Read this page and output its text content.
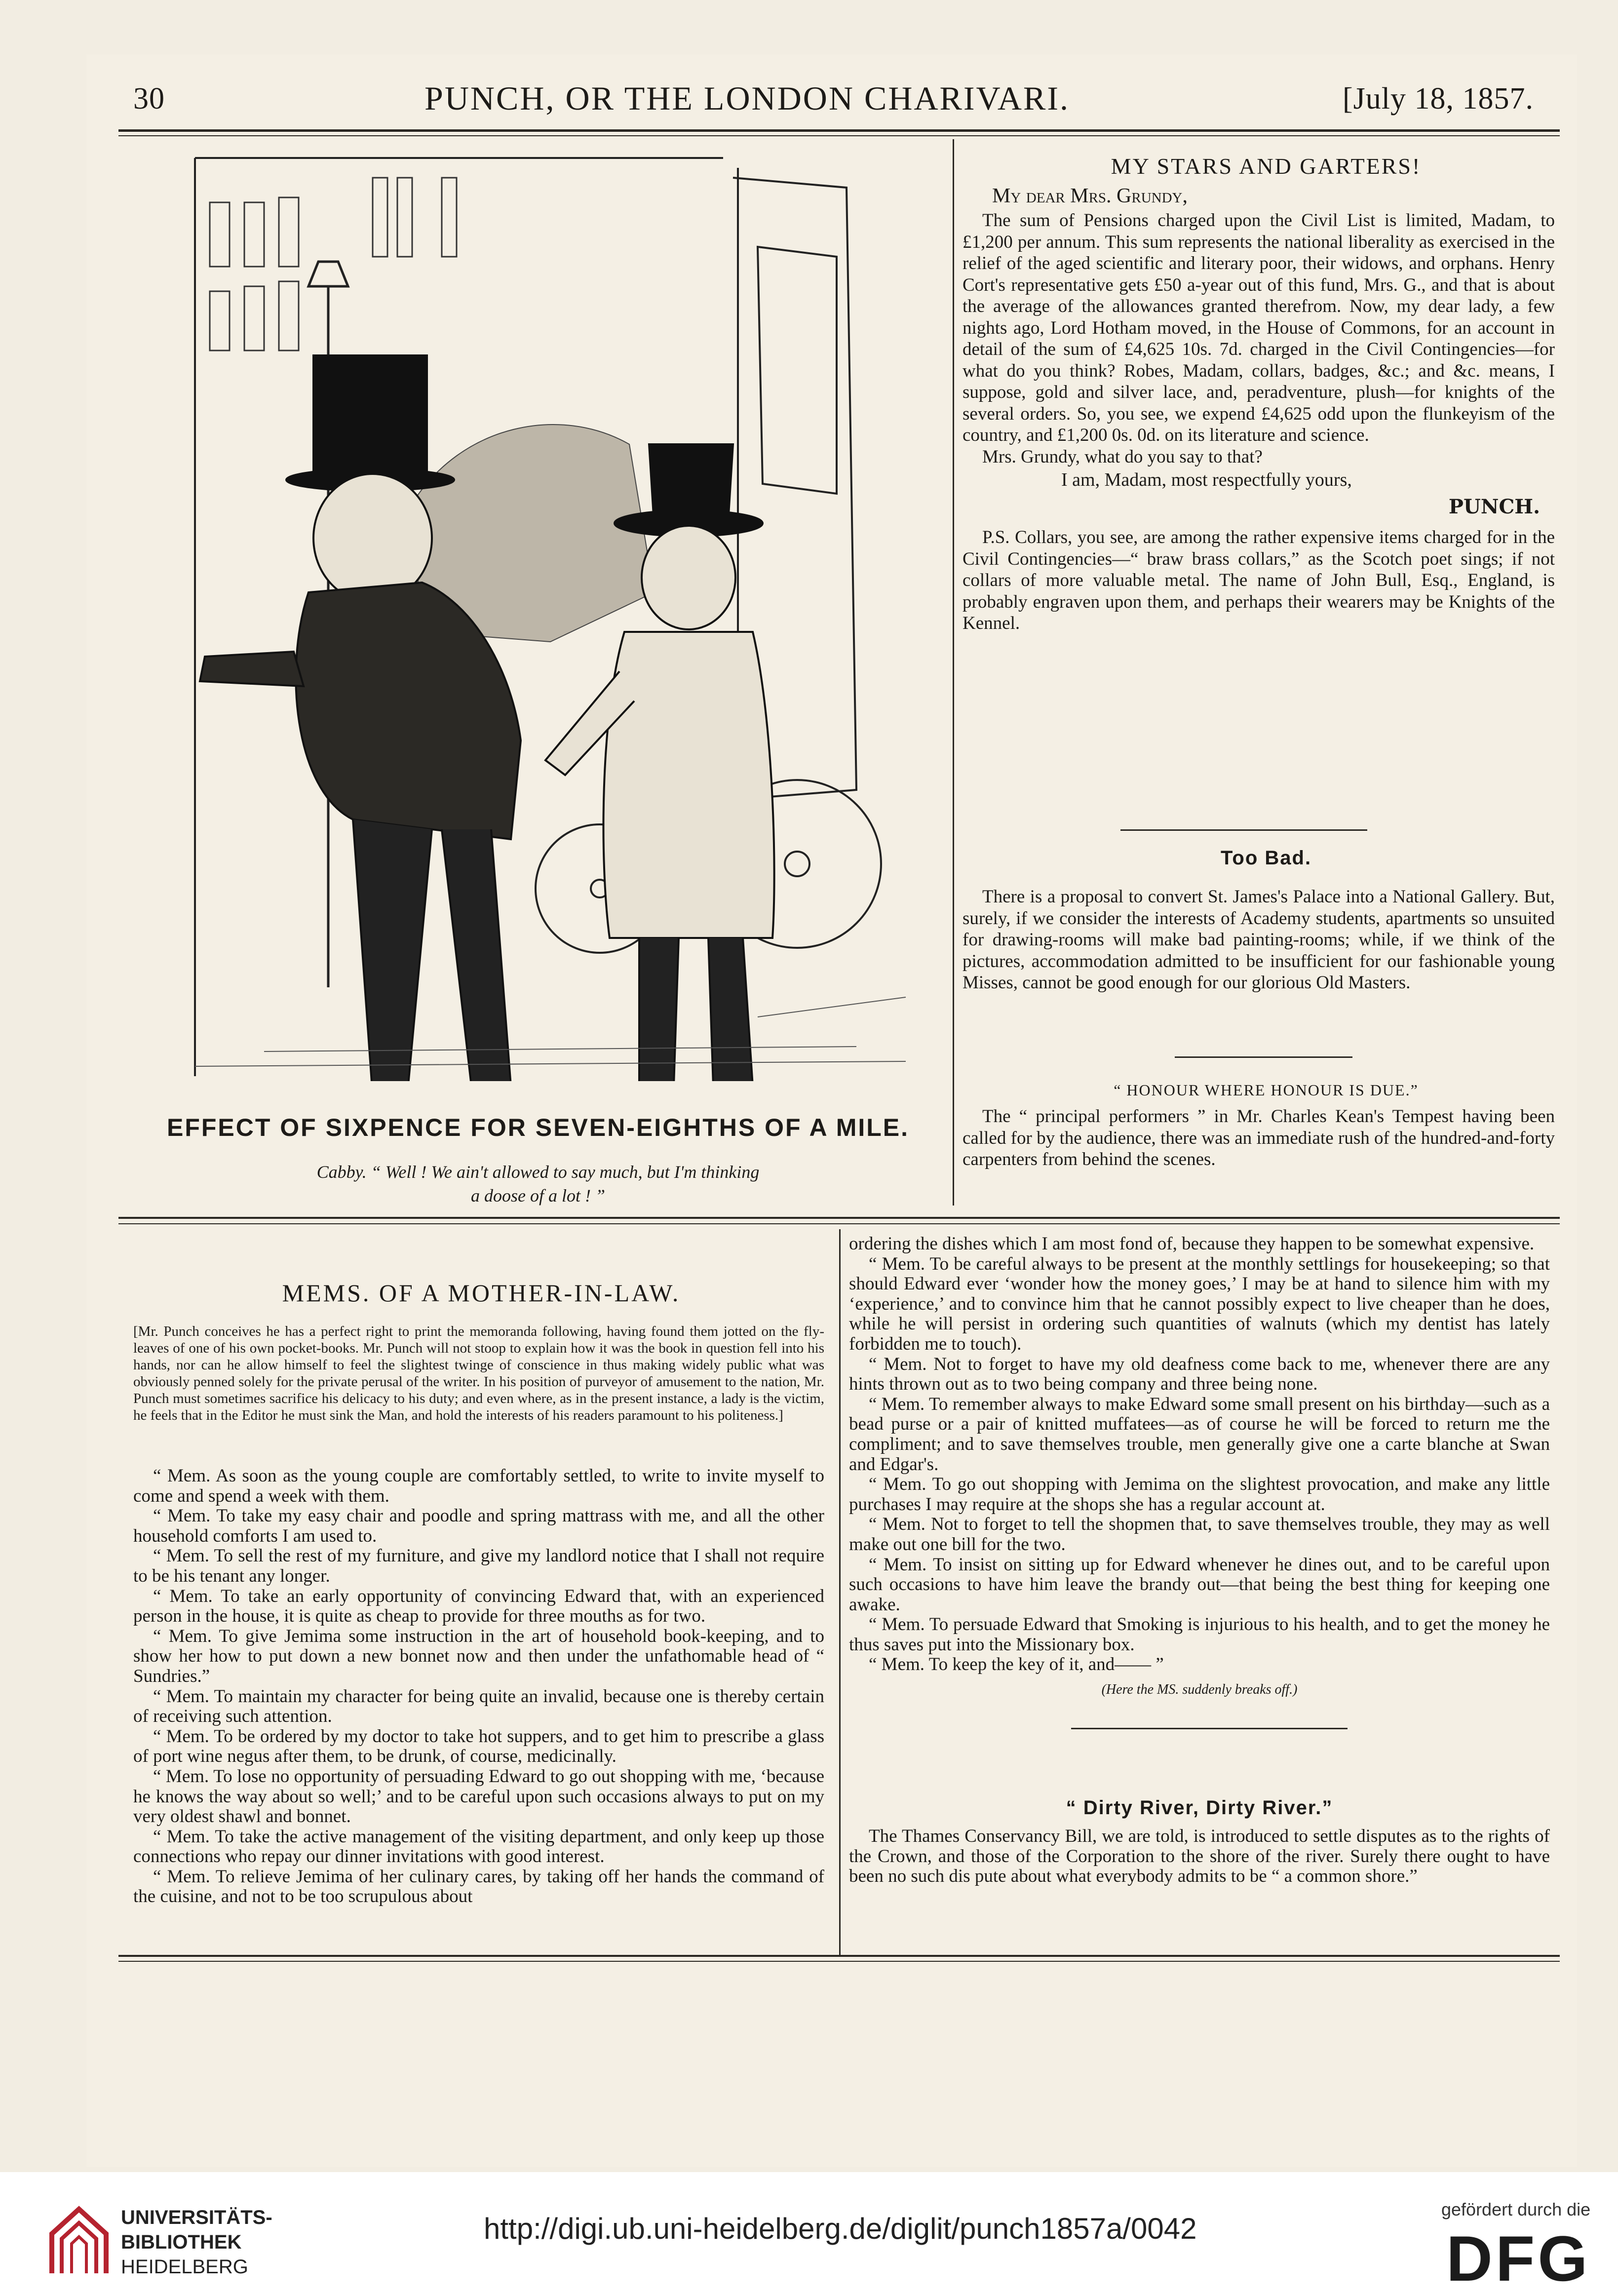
30	PUNCH, OR THE LONDON CHARIVARI.	[July 18, 1857.
EFFECT OF SIXPENCE FOR SEVEN-EIGHTHS OF A MILE.
Cabby. “ Well ! We ain't allowed to say much, but I'm thinking
a doose of a lot ! ”
MY STARS AND GARTERS!
My dear Mrs. Grundy,

The sum of Pensions charged upon the Civil List is limited, Madam, to £1,200 per annum. This sum represents the national liberality as exercised in the relief of the aged scientific and literary poor, their widows, and orphans. Henry Cort's representative gets £50 a-year out of this fund, Mrs. G., and that is about the average of the allowances granted therefrom. Now, my dear lady, a few nights ago, Lord Hotham moved, in the House of Commons, for an account in detail of the sum of £4,625 10s. 7d. charged in the Civil Contingencies—for what do you think? Robes, Madam, collars, badges, &c.; and &c. means, I suppose, gold and silver lace, and, peradventure, plush—for knights of the several orders. So, you see, we expend £4,625 odd upon the flunkeyism of the country, and £1,200 0s. 0d. on its literature and science.

Mrs. Grundy, what do you say to that?

I am, Madam, most respectfully yours,
PUNCH.

P.S. Collars, you see, are among the rather expensive items charged for in the Civil Contingencies—“ braw brass collars,” as the Scotch poet sings; if not collars of more valuable metal. The name of John Bull, Esq., England, is probably engraven upon them, and perhaps their wearers may be Knights of the Kennel.

Too Bad.

There is a proposal to convert St. James's Palace into a National Gallery. But, surely, if we consider the interests of Academy students, apartments so unsuited for drawing-rooms will make bad painting-rooms; while, if we think of the pictures, accommodation admitted to be insufficient for our fashionable young Misses, cannot be good enough for our glorious Old Masters.

“ HONOUR WHERE HONOUR IS DUE.”

The “ principal performers ” in Mr. Charles Kean's Tempest having been called for by the audience, there was an immediate rush of the hundred-and-forty carpenters from behind the scenes.

MEMS. OF A MOTHER-IN-LAW.
[Mr. Punch conceives he has a perfect right to print the memoranda following, having found them jotted on the fly-leaves of one of his own pocket-books. Mr. Punch will not stoop to explain how it was the book in question fell into his hands, nor can he allow himself to feel the slightest twinge of conscience in thus making widely public what was obviously penned solely for the private perusal of the writer. In his position of purveyor of amusement to the nation, Mr. Punch must sometimes sacrifice his delicacy to his duty; and even where, as in the present instance, a lady is the victim, he feels that in the Editor he must sink the Man, and hold the interests of his readers paramount to his politeness.]

“ Mem. As soon as the young couple are comfortably settled, to write to invite myself to come and spend a week with them.

“ Mem. To take my easy chair and poodle and spring mattrass with me, and all the other household comforts I am used to.

“ Mem. To sell the rest of my furniture, and give my landlord notice that I shall not require to be his tenant any longer.

“ Mem. To take an early opportunity of convincing Edward that, with an experienced person in the house, it is quite as cheap to provide for three mouths as for two.

“ Mem. To give Jemima some instruction in the art of household book-keeping, and to show her how to put down a new bonnet now and then under the unfathomable head of “ Sundries.”

“ Mem. To maintain my character for being quite an invalid, because one is thereby certain of receiving such attention.

“ Mem. To be ordered by my doctor to take hot suppers, and to get him to prescribe a glass of port wine negus after them, to be drunk, of course, medicinally.

“ Mem. To lose no opportunity of persuading Edward to go out shopping with me, ‘because he knows the way about so well;’ and to be careful upon such occasions always to put on my very oldest shawl and bonnet.

“ Mem. To take the active management of the visiting department, and only keep up those connections who repay our dinner invitations with good interest.

“ Mem. To relieve Jemima of her culinary cares, by taking off her hands the command of the cuisine, and not to be too scrupulous about

ordering the dishes which I am most fond of, because they happen to be somewhat expensive.

“ Mem. To be careful always to be present at the monthly settlings for housekeeping; so that should Edward ever ‘wonder how the money goes,’ I may be at hand to silence him with my ‘experience,’ and to convince him that he cannot possibly expect to live cheaper than he does, while he will persist in ordering such quantities of walnuts (which my dentist has lately forbidden me to touch).

“ Mem. Not to forget to have my old deafness come back to me, whenever there are any hints thrown out as to two being company and three being none.

“ Mem. To remember always to make Edward some small present on his birthday—such as a bead purse or a pair of knitted muffatees—as of course he will be forced to return me the compliment; and to save themselves trouble, men generally give one a carte blanche at Swan and Edgar's.

“ Mem. To go out shopping with Jemima on the slightest provocation, and make any little purchases I may require at the shops she has a regular account at.

“ Mem. Not to forget to tell the shopmen that, to save themselves trouble, they may as well make out one bill for the two.

“ Mem. To insist on sitting up for Edward whenever he dines out, and to be careful upon such occasions to have him leave the brandy out—that being the best thing for keeping one awake.

“ Mem. To persuade Edward that Smoking is injurious to his health, and to get the money he thus saves put into the Missionary box.

“ Mem. To keep the key of it, and—— ”

(Here the MS. suddenly breaks off.)
“ Dirty River, Dirty River.”

The Thames Conservancy Bill, we are told, is introduced to settle disputes as to the rights of the Crown, and those of the Corporation to the shore of the river. Surely there ought to have been no such dis pute about what everybody admits to be “ a common shore.”

UNIVERSITÄTS-
BIBLIOTHEK
HEIDELBERG
http://digi.ub.uni-heidelberg.de/diglit/punch1857a/0042
gefördert durch die
DFG
